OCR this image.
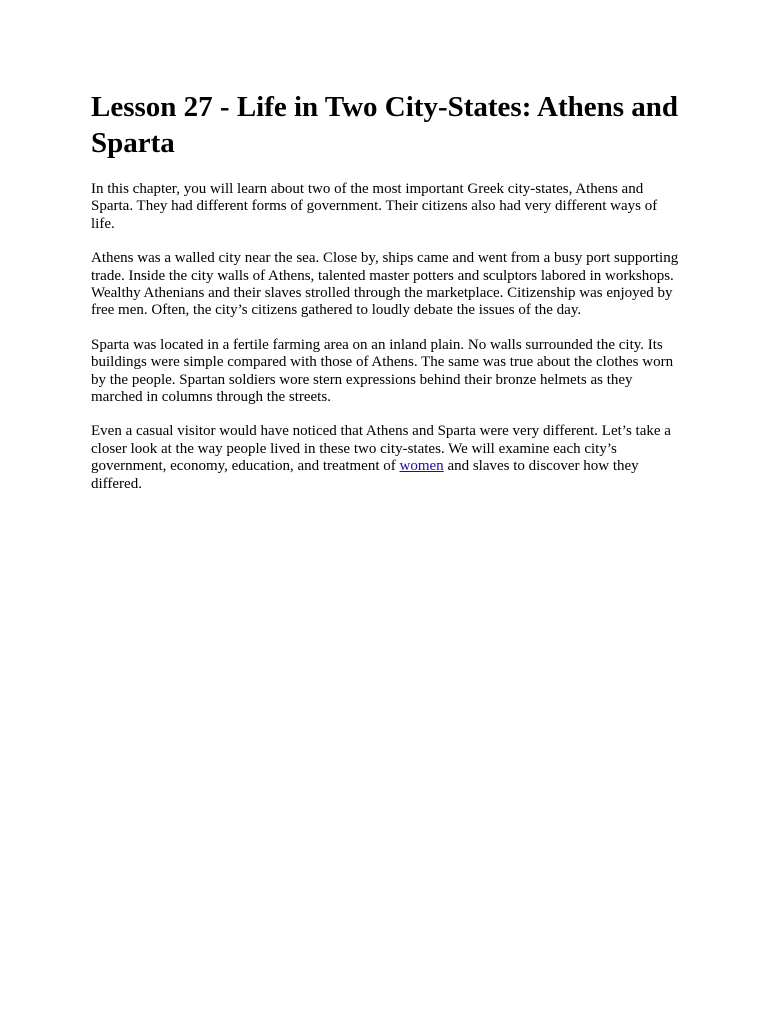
Lesson 27 - Life in Two City-States: Athens and Sparta

In this chapter, you will learn about two of the most important Greek city-states, Athens and Sparta. They had different forms of government. Their citizens also had very different ways of life.

Athens was a walled city near the sea. Close by, ships came and went from a busy port supporting trade. Inside the city walls of Athens, talented master potters and sculptors labored in workshops. Wealthy Athenians and their slaves strolled through the marketplace. Citizenship was enjoyed by free men. Often, the city’s citizens gathered to loudly debate the issues of the day.

Sparta was located in a fertile farming area on an inland plain. No walls surrounded the city. Its buildings were simple compared with those of Athens. The same was true about the clothes worn by the people. Spartan soldiers wore stern expressions behind their bronze helmets as they marched in columns through the streets.

Even a casual visitor would have noticed that Athens and Sparta were very different. Let’s take a closer look at the way people lived in these two city-states. We will examine each city’s government, economy, education, and treatment of women and slaves to discover how they differed.
